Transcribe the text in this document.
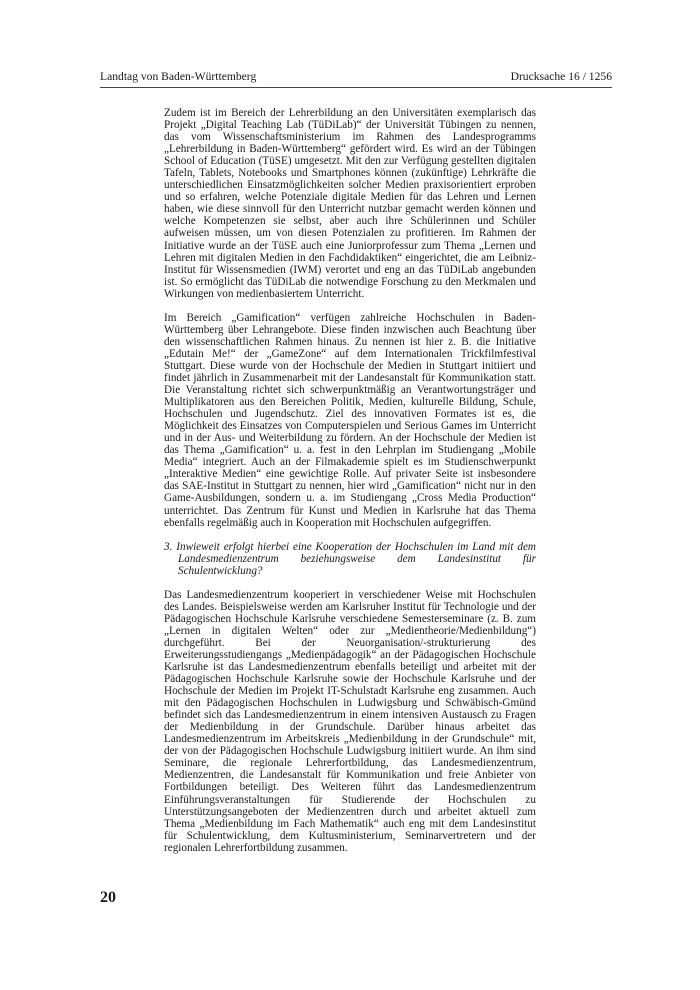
Landtag von Baden-Württemberg	Drucksache 16 / 1256

Zudem ist im Bereich der Lehrerbildung an den Universitäten exemplarisch das Projekt „Digital Teaching Lab (TüDiLab)“ der Universität Tübingen zu nennen, das vom Wissenschaftsministerium im Rahmen des Landesprogramms „Lehrerbildung in Baden-Württemberg“ gefördert wird. Es wird an der Tübingen School of Education (TüSE) umgesetzt. Mit den zur Verfügung gestellten digitalen Tafeln, Tablets, Notebooks und Smartphones können (zukünftige) Lehrkräfte die unterschiedlichen Einsatzmöglichkeiten solcher Medien praxisorientiert erproben und so erfahren, welche Potenziale digitale Medien für das Lehren und Lernen haben, wie diese sinnvoll für den Unterricht nutzbar gemacht werden können und welche Kompetenzen sie selbst, aber auch ihre Schülerinnen und Schüler aufweisen müssen, um von diesen Potenzialen zu profitieren. Im Rahmen der Initiative wurde an der TüSE auch eine Juniorprofessur zum Thema „Lernen und Lehren mit digitalen Medien in den Fachdidaktiken“ eingerichtet, die am Leibniz-Institut für Wissensmedien (IWM) verortet und eng an das TüDiLab angebunden ist. So ermöglicht das TüDiLab die notwendige Forschung zu den Merkmalen und Wirkungen von medienbasiertem Unterricht.

Im Bereich „Gamification“ verfügen zahlreiche Hochschulen in Baden-Württemberg über Lehrangebote. Diese finden inzwischen auch Beachtung über den wissenschaftlichen Rahmen hinaus. Zu nennen ist hier z. B. die Initiative „Edutain Me!“ der „GameZone“ auf dem Internationalen Trickfilmfestival Stuttgart. Diese wurde von der Hochschule der Medien in Stuttgart initiiert und findet jährlich in Zusammenarbeit mit der Landesanstalt für Kommunikation statt. Die Veranstaltung richtet sich schwerpunktmäßig an Verantwortungsträger und Multiplikatoren aus den Bereichen Politik, Medien, kulturelle Bildung, Schule, Hochschulen und Jugendschutz. Ziel des innovativen Formates ist es, die Möglichkeit des Einsatzes von Computerspielen und Serious Games im Unterricht und in der Aus- und Weiterbildung zu fördern. An der Hochschule der Medien ist das Thema „Gamification“ u. a. fest in den Lehrplan im Studiengang „Mobile Media“ integriert. Auch an der Filmakademie spielt es im Studienschwerpunkt „Interaktive Medien“ eine gewichtige Rolle. Auf privater Seite ist insbesondere das SAE-Institut in Stuttgart zu nennen, hier wird „Gamification“ nicht nur in den Game-Ausbildungen, sondern u. a. im Studiengang „Cross Media Production“ unterrichtet. Das Zentrum für Kunst und Medien in Karlsruhe hat das Thema ebenfalls regelmäßig auch in Kooperation mit Hochschulen aufgegriffen.

3. Inwieweit erfolgt hierbei eine Kooperation der Hochschulen im Land mit dem Landesmedienzentrum beziehungsweise dem Landesinstitut für Schulentwicklung?

Das Landesmedienzentrum kooperiert in verschiedener Weise mit Hochschulen des Landes. Beispielsweise werden am Karlsruher Institut für Technologie und der Pädagogischen Hochschule Karlsruhe verschiedene Semesterseminare (z. B. zum „Lernen in digitalen Welten“ oder zur „Medientheorie/Medienbildung“) durchgeführt. Bei der Neuorganisation/-strukturierung des Erweiterungsstudiengangs „Medienpädagogik“ an der Pädagogischen Hochschule Karlsruhe ist das Landesmedienzentrum ebenfalls beteiligt und arbeitet mit der Pädagogischen Hochschule Karlsruhe sowie der Hochschule Karlsruhe und der Hochschule der Medien im Projekt IT-Schulstadt Karlsruhe eng zusammen. Auch mit den Pädagogischen Hochschulen in Ludwigsburg und Schwäbisch-Gmünd befindet sich das Landesmedienzentrum in einem intensiven Austausch zu Fragen der Medienbildung in der Grundschule. Darüber hinaus arbeitet das Landesmedienzentrum im Arbeitskreis „Medienbildung in der Grundschule“ mit, der von der Pädagogischen Hochschule Ludwigsburg initiiert wurde. An ihm sind Seminare, die regionale Lehrerfortbildung, das Landesmedienzentrum, Medienzentren, die Landesanstalt für Kommunikation und freie Anbieter von Fortbildungen beteiligt. Des Weiteren führt das Landesmedienzentrum Einführungsveranstaltungen für Studierende der Hochschulen zu Unterstützungsangeboten der Medienzentren durch und arbeitet aktuell zum Thema „Medienbildung im Fach Mathematik“ auch eng mit dem Landesinstitut für Schulentwicklung, dem Kultusministerium, Seminarvertretern und der regionalen Lehrerfortbildung zusammen.

20
